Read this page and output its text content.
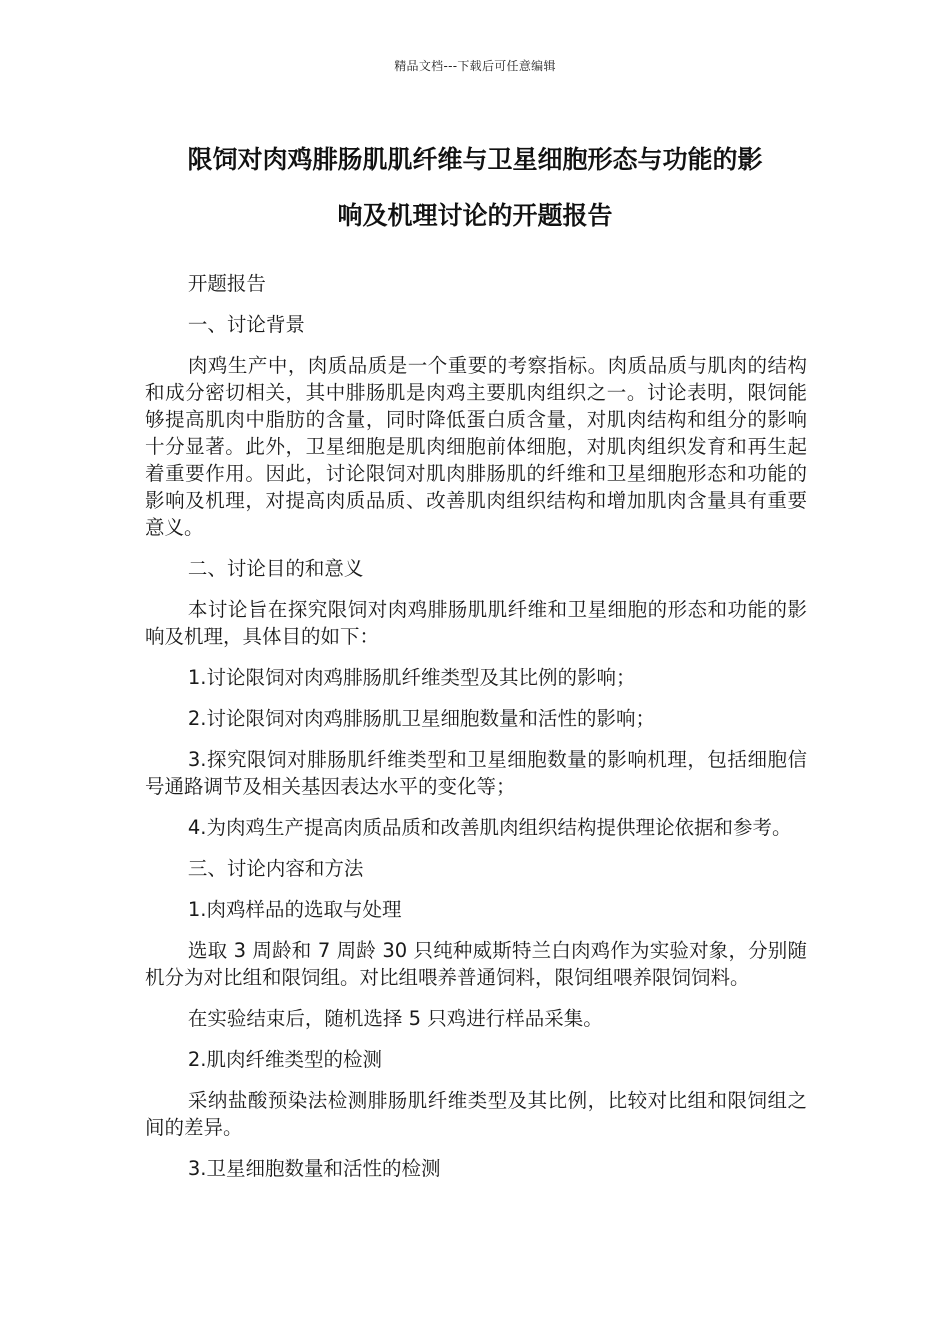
精品文档---下载后可任意编辑
限饲对肉鸡腓肠肌肌纤维与卫星细胞形态与功能的影
响及机理讨论的开题报告

开题报告

一、讨论背景

肉鸡生产中，肉质品质是一个重要的考察指标。肉质品质与肌肉的结构和成分密切相关，其中腓肠肌是肉鸡主要肌肉组织之一。讨论表明，限饲能够提高肌肉中脂肪的含量，同时降低蛋白质含量，对肌肉结构和组分的影响十分显著。此外，卫星细胞是肌肉细胞前体细胞，对肌肉组织发育和再生起着重要作用。因此，讨论限饲对肌肉腓肠肌的纤维和卫星细胞形态和功能的影响及机理，对提高肉质品质、改善肌肉组织结构和增加肌肉含量具有重要意义。

二、讨论目的和意义

本讨论旨在探究限饲对肉鸡腓肠肌肌纤维和卫星细胞的形态和功能的影响及机理，具体目的如下：

1.讨论限饲对肉鸡腓肠肌纤维类型及其比例的影响；

2.讨论限饲对肉鸡腓肠肌卫星细胞数量和活性的影响；

3.探究限饲对腓肠肌纤维类型和卫星细胞数量的影响机理，包括细胞信号通路调节及相关基因表达水平的变化等；

4.为肉鸡生产提高肉质品质和改善肌肉组织结构提供理论依据和参考。

三、讨论内容和方法

1.肉鸡样品的选取与处理

选取 3 周龄和 7 周龄 30 只纯种威斯特兰白肉鸡作为实验对象，分别随机分为对比组和限饲组。对比组喂养普通饲料，限饲组喂养限饲饲料。

在实验结束后，随机选择 5 只鸡进行样品采集。

2.肌肉纤维类型的检测

采纳盐酸预染法检测腓肠肌纤维类型及其比例，比较对比组和限饲组之间的差异。

3.卫星细胞数量和活性的检测
